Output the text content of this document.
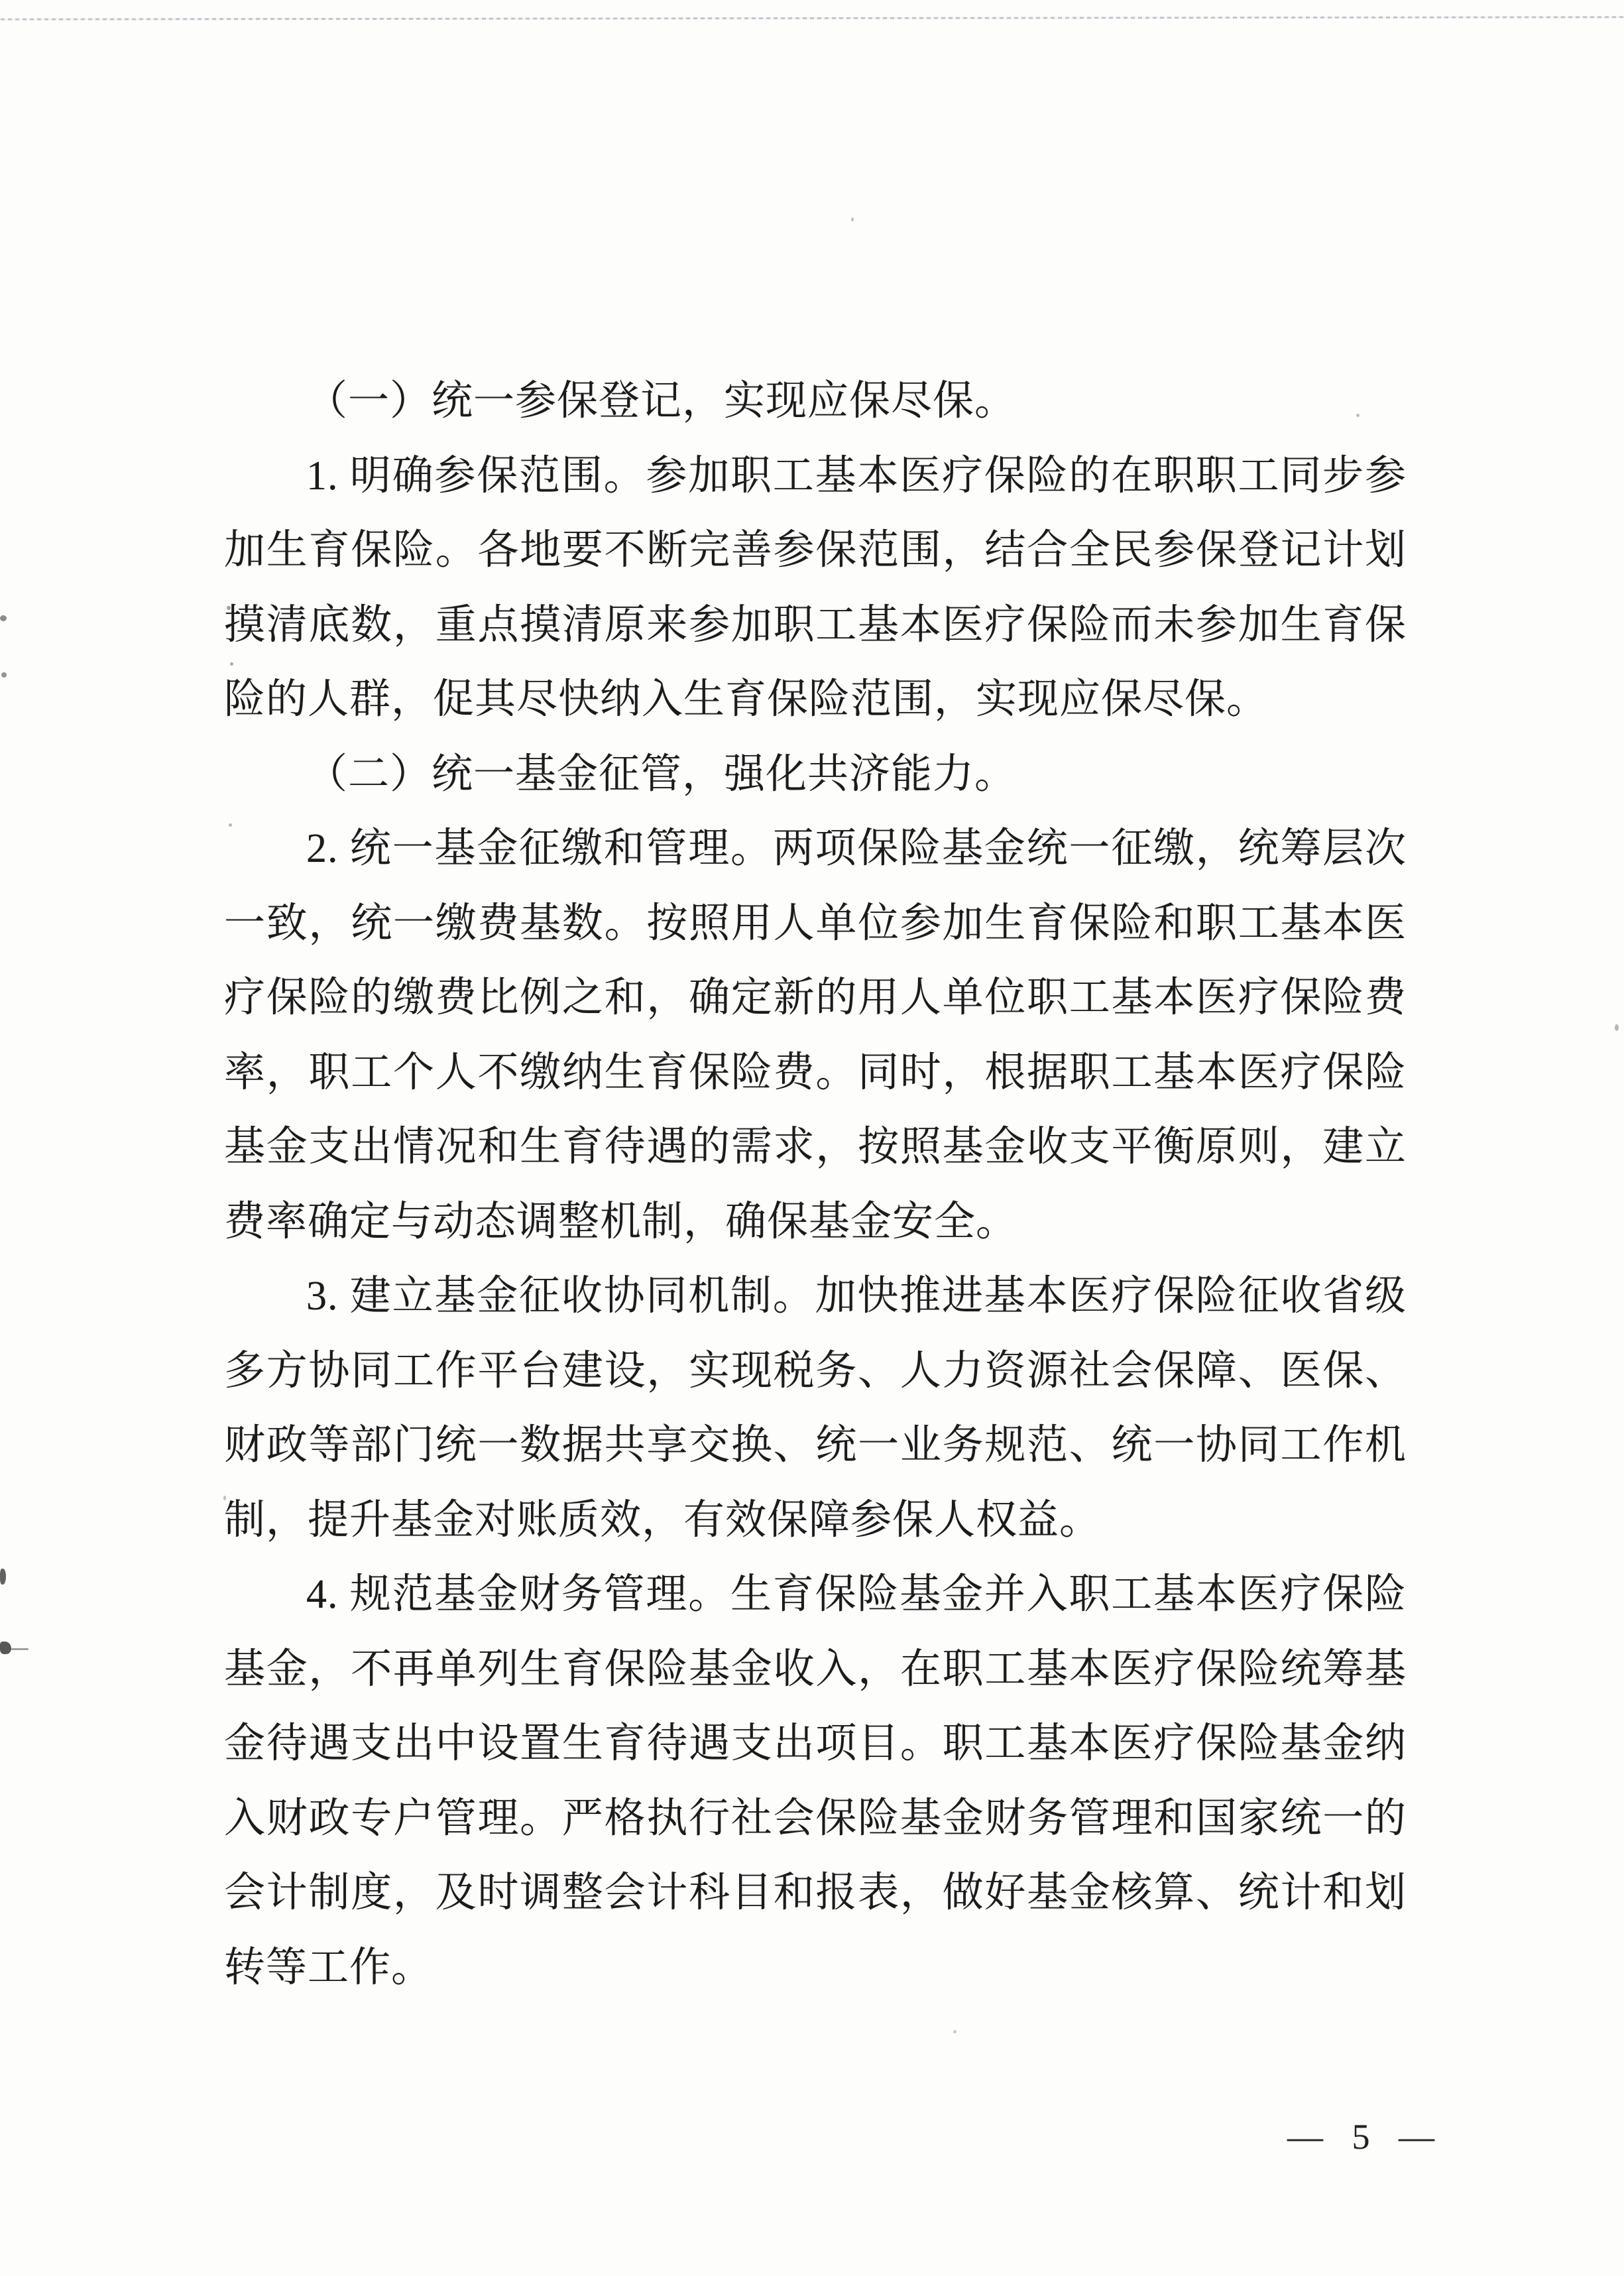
（一）统一参保登记，实现应保尽保。

1. 明确参保范围。参加职工基本医疗保险的在职职工同步参加生育保险。各地要不断完善参保范围，结合全民参保登记计划摸清底数，重点摸清原来参加职工基本医疗保险而未参加生育保险的人群，促其尽快纳入生育保险范围，实现应保尽保。

（二）统一基金征管，强化共济能力。

2. 统一基金征缴和管理。两项保险基金统一征缴，统筹层次一致，统一缴费基数。按照用人单位参加生育保险和职工基本医疗保险的缴费比例之和，确定新的用人单位职工基本医疗保险费率，职工个人不缴纳生育保险费。同时，根据职工基本医疗保险基金支出情况和生育待遇的需求，按照基金收支平衡原则，建立费率确定与动态调整机制，确保基金安全。

3. 建立基金征收协同机制。加快推进基本医疗保险征收省级多方协同工作平台建设，实现税务、人力资源社会保障、医保、财政等部门统一数据共享交换、统一业务规范、统一协同工作机制，提升基金对账质效，有效保障参保人权益。

4. 规范基金财务管理。生育保险基金并入职工基本医疗保险基金，不再单列生育保险基金收入，在职工基本医疗保险统筹基金待遇支出中设置生育待遇支出项目。职工基本医疗保险基金纳入财政专户管理。严格执行社会保险基金财务管理和国家统一的会计制度，及时调整会计科目和报表，做好基金核算、统计和划转等工作。

— 5 —
